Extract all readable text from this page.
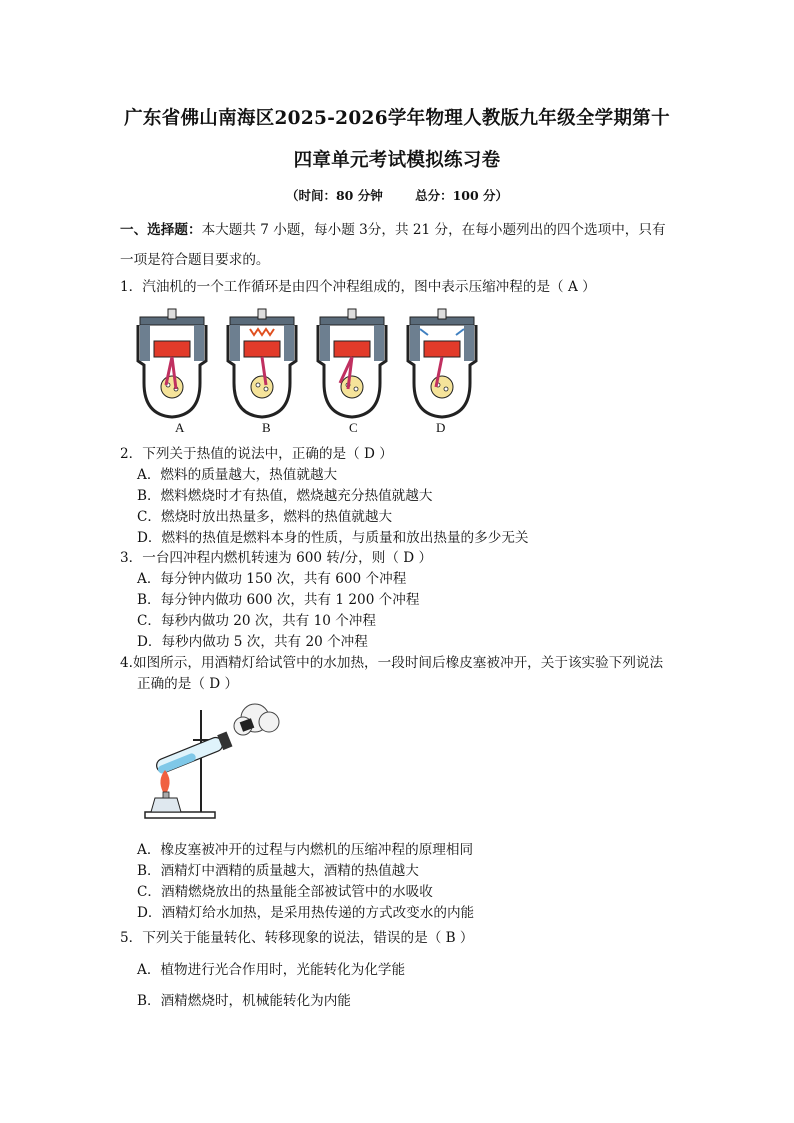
广东省佛山南海区2025-2026学年物理人教版九年级全学期第十
四章单元考试模拟练习卷
（时间：80 分钟	总分：100 分）
一、选择题：本大题共 7 小题，每小题 3分，共 21 分，在每小题列出的四个选项中，只有
一项是符合题目要求的。
1．汽油机的一个工作循环是由四个冲程组成的，图中表示压缩冲程的是（ A ）
A	B	C	D
2．下列关于热值的说法中，正确的是（ D ）
A．燃料的质量越大，热值就越大
B．燃料燃烧时才有热值，燃烧越充分热值就越大
C．燃烧时放出热量多，燃料的热值就越大
D．燃料的热值是燃料本身的性质，与质量和放出热量的多少无关
3．一台四冲程内燃机转速为 600 转/分，则（ D ）
A．每分钟内做功 150 次，共有 600 个冲程
B．每分钟内做功 600 次，共有 1 200 个冲程
C．每秒内做功 20 次，共有 10 个冲程
D．每秒内做功 5 次，共有 20 个冲程
4.如图所示，用酒精灯给试管中的水加热，一段时间后橡皮塞被冲开，关于该实验下列说法
正确的是（ D ）
A．橡皮塞被冲开的过程与内燃机的压缩冲程的原理相同
B．酒精灯中酒精的质量越大，酒精的热值越大
C．酒精燃烧放出的热量能全部被试管中的水吸收
D．酒精灯给水加热，是采用热传递的方式改变水的内能
5．下列关于能量转化、转移现象的说法，错误的是（ B ）
A．植物进行光合作用时，光能转化为化学能
B．酒精燃烧时，机械能转化为内能
